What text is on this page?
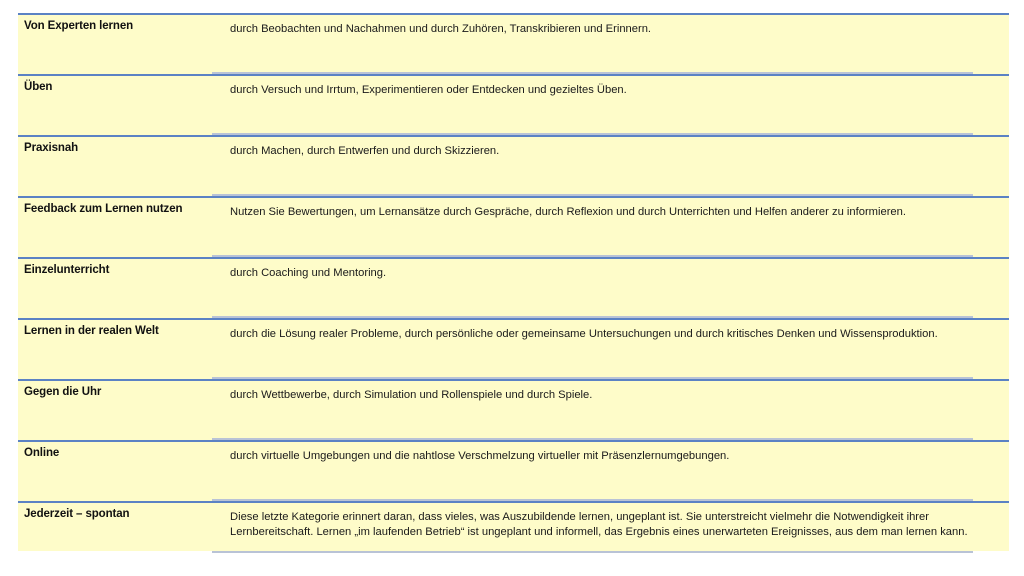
Von Experten lernen	durch Beobachten und Nachahmen und durch Zuhören, Transkribieren und Erinnern.
Üben	durch Versuch und Irrtum, Experimentieren oder Entdecken und gezieltes Üben.
Praxisnah	durch Machen, durch Entwerfen und durch Skizzieren.
Feedback zum Lernen nutzen	Nutzen Sie Bewertungen, um Lernansätze durch Gespräche, durch Reflexion und durch Unterrichten und Helfen anderer zu informieren.
Einzelunterricht	durch Coaching und Mentoring.
Lernen in der realen Welt	durch die Lösung realer Probleme, durch persönliche oder gemeinsame Untersuchungen und durch kritisches Denken und Wissensproduktion.
Gegen die Uhr	durch Wettbewerbe, durch Simulation und Rollenspiele und durch Spiele.
Online	durch virtuelle Umgebungen und die nahtlose Verschmelzung virtueller mit Präsenzlernumgebungen.
Jederzeit – spontan	Diese letzte Kategorie erinnert daran, dass vieles, was Auszubildende lernen, ungeplant ist. Sie unterstreicht vielmehr die Notwendigkeit ihrer Lernbereitschaft. Lernen „im laufenden Betrieb“ ist ungeplant und informell, das Ergebnis eines unerwarteten Ereignisses, aus dem man lernen kann.
